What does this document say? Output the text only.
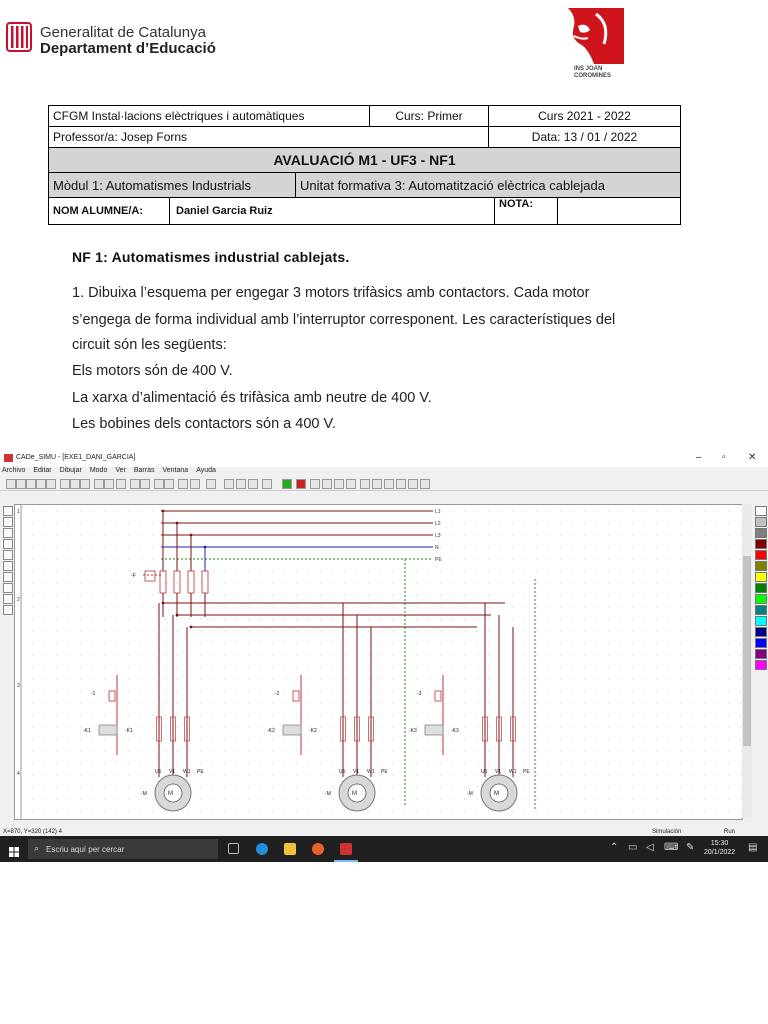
Generalitat de Catalunya
Departament d’Educació
INS JOAN
COROMINES
CFGM Instal·lacions elèctriques i automàtiques	Curs: Primer	Curs 2021 - 2022
Professor/a: Josep Forns	Data: 13 / 01 / 2022
AVALUACIÓ M1 - UF3 - NF1

Mòdul 1: Automatismes Industrials	Unitat formativa 3: Automatització elèctrica cablejada

NOM ALUMNE/A:	Daniel Garcia Ruiz	NOTA:	
NF 1: Automatismes industrial cablejats.
1. Dibuixa l’esquema per engegar 3 motors trifàsics amb contactors. Cada motor
s’engega de forma individual amb l’interruptor corresponent. Les característiques del
circuit són les següents:
Els motors són de 400 V.
La xarxa d’alimentació és trifàsica amb neutre de 400 V.
Les bobines dels contactors són a 400 V.
CADe_SIMU - [EXE1_DANI_GARCIA]	– ▫ ✕
Archivo Editar Dibujar Modo Ver Barras Ventana Ayuda
1
2
3
4
L1
L2
L3
N
PE
-F
-1
-K1	-K1
M
-M
U1 V1 W1 PE
-2
-K2	-K2
M
-M
U1 V1 W1 PE
-3
-K3	-K3
M
-M
U1 V1 W1 PE
X=870, Y=320 (142) 4	Simulación	Run
⌕ Escriu aquí per cercar	⌃ ▭ ◁ ⌨ ✎	15:30
20/1/2022 ▤
